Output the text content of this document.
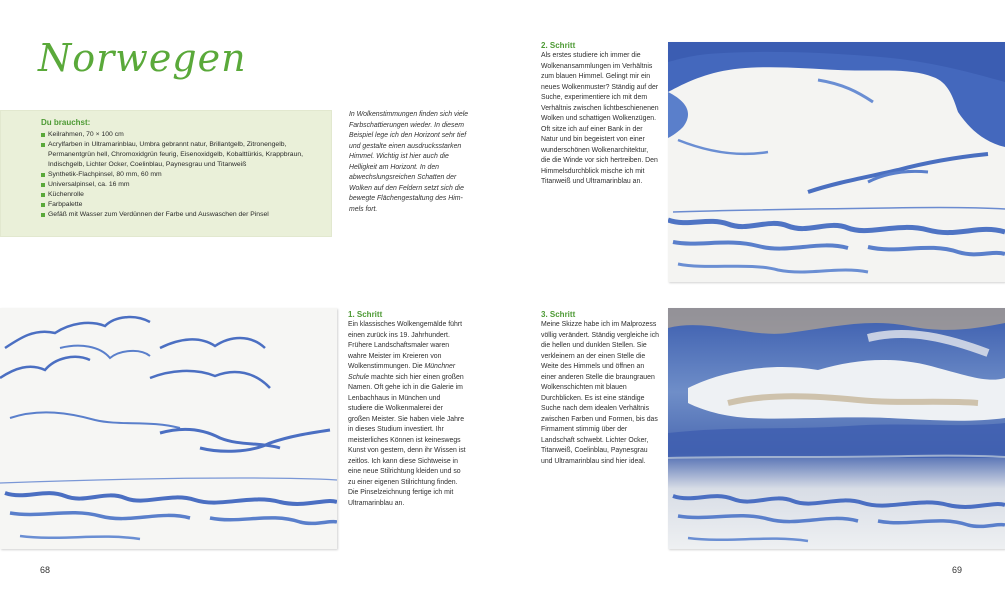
Norwegen
Du brauchst:
Keilrahmen, 70 × 100 cm
Acrylfarben in Ultramarinblau, Umbra gebrannt natur, Brillantgelb, Zitronengelb, Permanentgrün hell, Chromoxidgrün feurig, Eisenoxidgelb, Kobalttürkis, Krappbraun, Indischgelb, Lichter Ocker, Coelinblau, Paynesgrau und Titanweiß
Synthetik-Flachpinsel, 80 mm, 60 mm
Universalpinsel, ca. 16 mm
Küchenrolle
Farbpalette
Gefäß mit Wasser zum Verdünnen der Farbe und Auswaschen der Pinsel
In Wolkenstimmungen finden sich viele Farbschattierungen wieder. In diesem Beispiel lege ich den Horizont sehr tief und gestalte einen ausdrucksstarken Himmel. Wichtig ist hier auch die Helligkeit am Horizont. In den abwechslungsreichen Schatten der Wolken auf den Feldern setzt sich die bewegte Flächengestaltung des Himmels fort.

2. Schritt

Als erstes studiere ich immer die Wolkenansammlungen im Verhältnis zum blauen Himmel. Gelingt mir ein neues Wolkenmuster? Ständig auf der Suche, experimentiere ich mit dem Verhältnis zwischen lichtbeschienenen Wolken und schattigen Wolkenzügen. Oft sitze ich auf einer Bank in der Natur und bin begeistert von einer wunderschönen Wolkenarchitektur, die die Winde vor sich hertreiben. Den Himmelsdurchblick mische ich mit Titanweiß und Ultramarinblau an.

1. Schritt

Ein klassisches Wolkengemälde führt einen zurück ins 19. Jahrhundert. Frühere Landschaftsmaler waren wahre Meister im Kreieren von Wolkenstimmungen. Die Münchner Schule machte sich hier einen großen Namen. Oft gehe ich in die Galerie im Lenbachhaus in München und studiere die Wolkenmalerei der großen Meister. Sie haben viele Jahre in dieses Studium investiert. Ihr meisterliches Können ist keineswegs Kunst von gestern, denn ihr Wissen ist zeitlos. Ich kann diese Sichtweise in eine neue Stilrichtung kleiden und so zu einer eigenen Stilrichtung finden. Die Pinselzeichnung fertige ich mit Ultramarinblau an.

3. Schritt

Meine Skizze habe ich im Malprozess völlig verändert. Ständig vergleiche ich die hellen und dunklen Stellen. Sie verkleinern an der einen Stelle die Weite des Himmels und öffnen an einer anderen Stelle die braungrauen Wolkenschichten mit blauen Durchblicken. Es ist eine ständige Suche nach dem idealen Verhältnis zwischen Farben und Formen, bis das Firmament stimmig über der Landschaft schwebt. Lichter Ocker, Titanweiß, Coelinblau, Paynesgrau und Ultramarinblau sind hier ideal.

68	69
